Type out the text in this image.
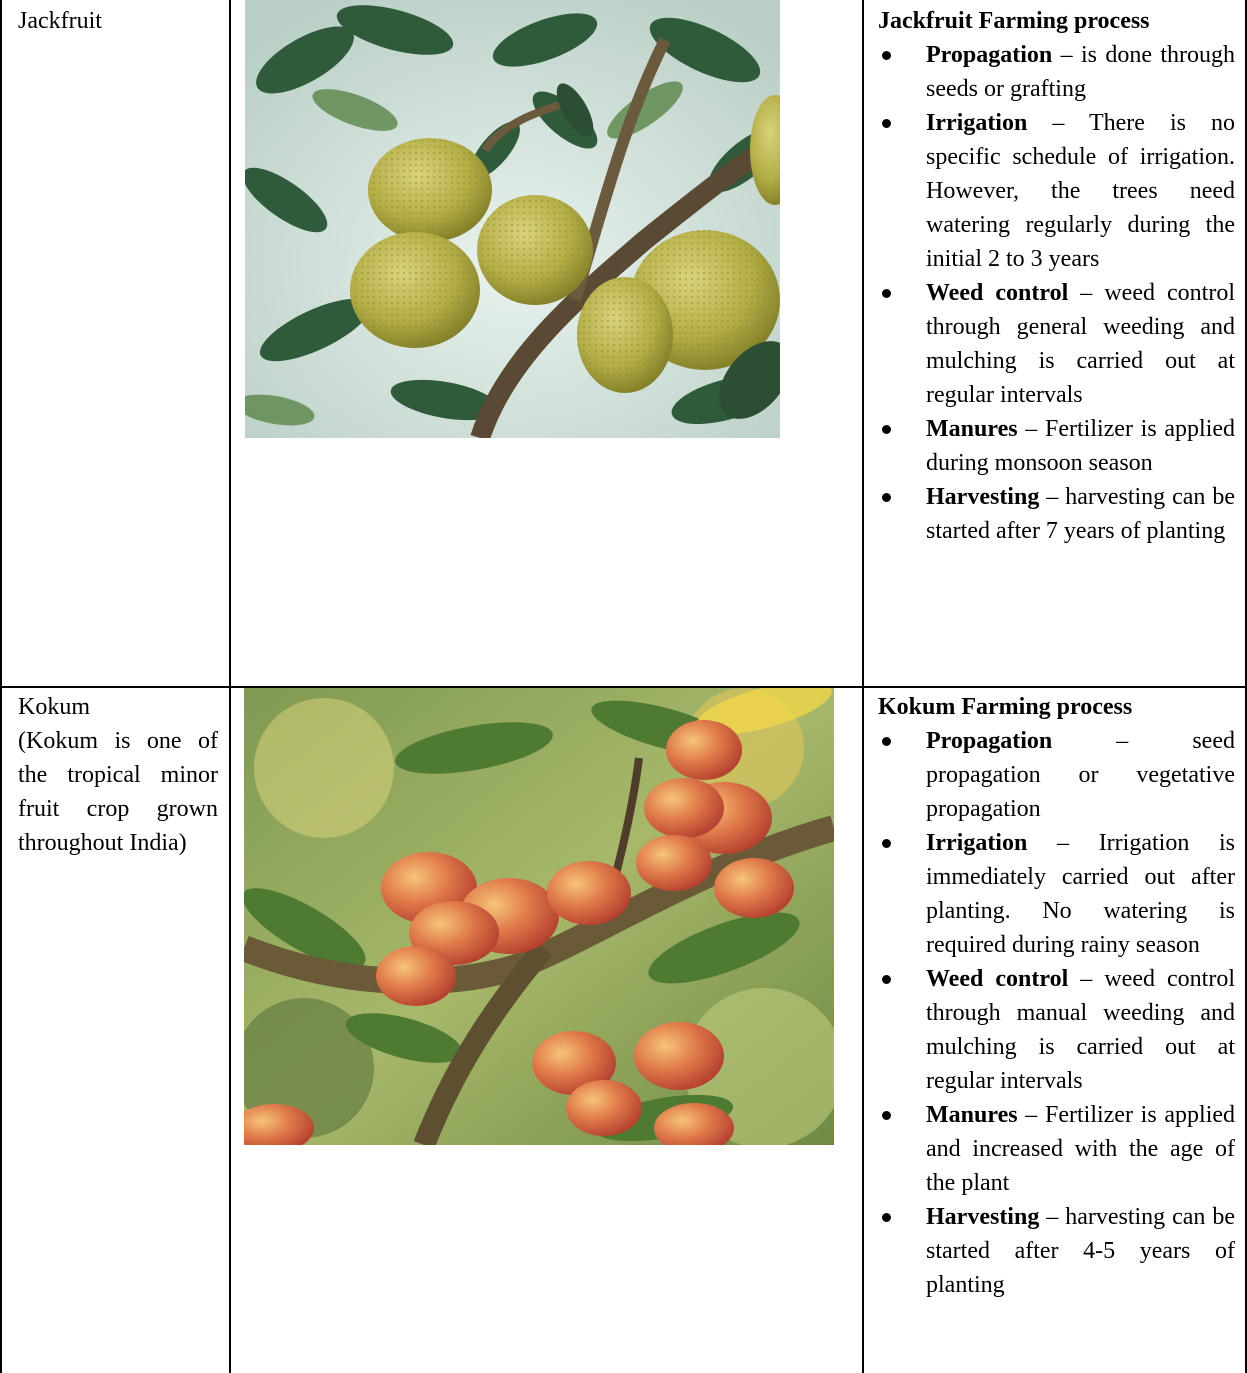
Jackfruit	Jackfruit Farming process
Propagation – is done through seeds or grafting
Irrigation – There is no specific schedule of irrigation. However, the trees need watering regularly during the initial 2 to 3 years
Weed control – weed control through general weeding and mulching is carried out at regular intervals
Manures – Fertilizer is applied during monsoon season
Harvesting – harvesting can be started after 7 years of planting
Kokum
(Kokum is one of the tropical minor fruit crop grown throughout India)
Kokum Farming process
Propagation – seed propagation or vegetative propagation
Irrigation – Irrigation is immediately carried out after planting. No watering is required during rainy season
Weed control – weed control through manual weeding and mulching is carried out at regular intervals
Manures – Fertilizer is applied and increased with the age of the plant
Harvesting – harvesting can be started after 4-5 years of planting
